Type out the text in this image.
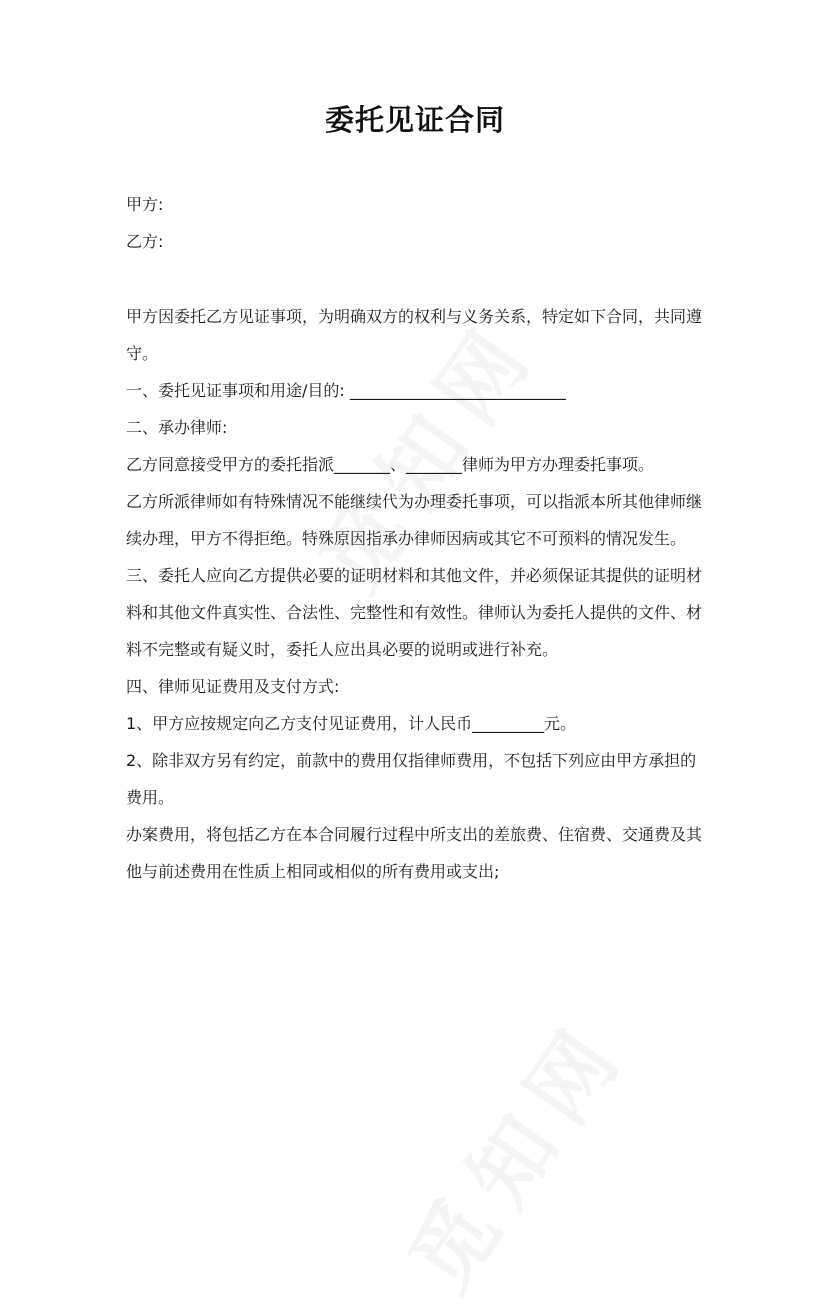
委托见证合同

甲方:

乙方:

甲方因委托乙方见证事项，为明确双方的权利与义务关系，特定如下合同，共同遵守。

一、委托见证事项和用途/目的: ___________________________

二、承办律师:

乙方同意接受甲方的委托指派_______、_______律师为甲方办理委托事项。

乙方所派律师如有特殊情况不能继续代为办理委托事项，可以指派本所其他律师继续办理，甲方不得拒绝。特殊原因指承办律师因病或其它不可预料的情况发生。

三、委托人应向乙方提供必要的证明材料和其他文件，并必须保证其提供的证明材料和其他文件真实性、合法性、完整性和有效性。律师认为委托人提供的文件、材料不完整或有疑义时，委托人应出具必要的说明或进行补充。

四、律师见证费用及支付方式:

1、甲方应按规定向乙方支付见证费用，计人民币_________元。

2、除非双方另有约定，前款中的费用仅指律师费用，不包括下列应由甲方承担的费用。

办案费用，将包括乙方在本合同履行过程中所支出的差旅费、住宿费、交通费及其他与前述费用在性质上相同或相似的所有费用或支出;
